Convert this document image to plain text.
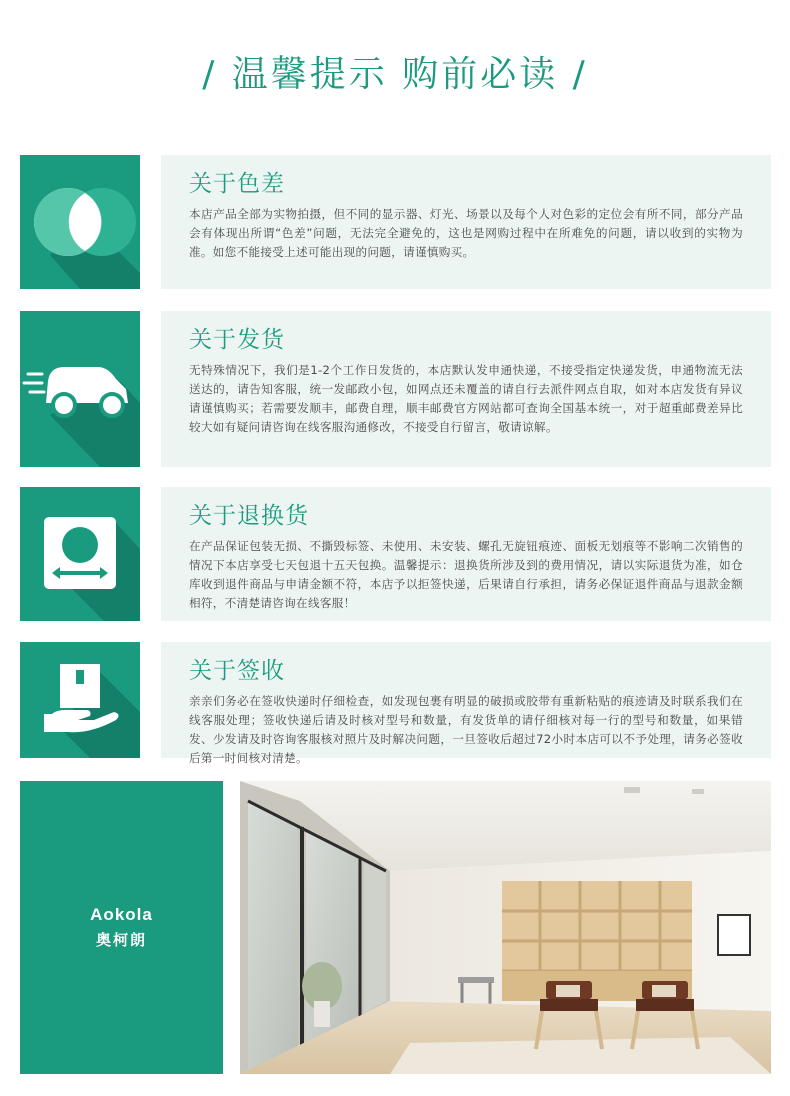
/ 温馨提示 购前必读 /
关于色差
本店产品全部为实物拍摄，但不同的显示器、灯光、场景以及每个人对色彩的定位会有所不同，部分产品会有体现出所谓“色差”问题，无法完全避免的，这也是网购过程中在所难免的问题，请以收到的实物为准。如您不能接受上述可能出现的问题，请谨慎购买。
关于发货
无特殊情况下，我们是1-2个工作日发货的，本店默认发申通快递，不接受指定快递发货，申通物流无法送达的，请告知客服，统一发邮政小包，如网点还未覆盖的请自行去派件网点自取，如对本店发货有异议请谨慎购买；若需要发顺丰，邮费自理，顺丰邮费官方网站都可查询全国基本统一，对于超重邮费差异比较大如有疑问请咨询在线客服沟通修改，不接受自行留言，敬请谅解。
关于退换货
在产品保证包装无损、不撕毁标签、未使用、未安装、螺孔无旋钮痕迹、面板无划痕等不影响二次销售的情况下本店享受七天包退十五天包换。温馨提示：退换货所涉及到的费用情况，请以实际退货为准，如仓库收到退件商品与申请金额不符，本店予以拒签快递，后果请自行承担，请务必保证退件商品与退款金额相符，不清楚请咨询在线客服！
关于签收
亲亲们务必在签收快递时仔细检查，如发现包裹有明显的破损或胶带有重新粘贴的痕迹请及时联系我们在线客服处理；签收快递后请及时核对型号和数量，有发货单的请仔细核对每一行的型号和数量，如果错发、少发请及时咨询客服核对照片及时解决问题，一旦签收后超过72小时本店可以不予处理，请务必签收后第一时间核对清楚。
Aokola
奥柯朗
